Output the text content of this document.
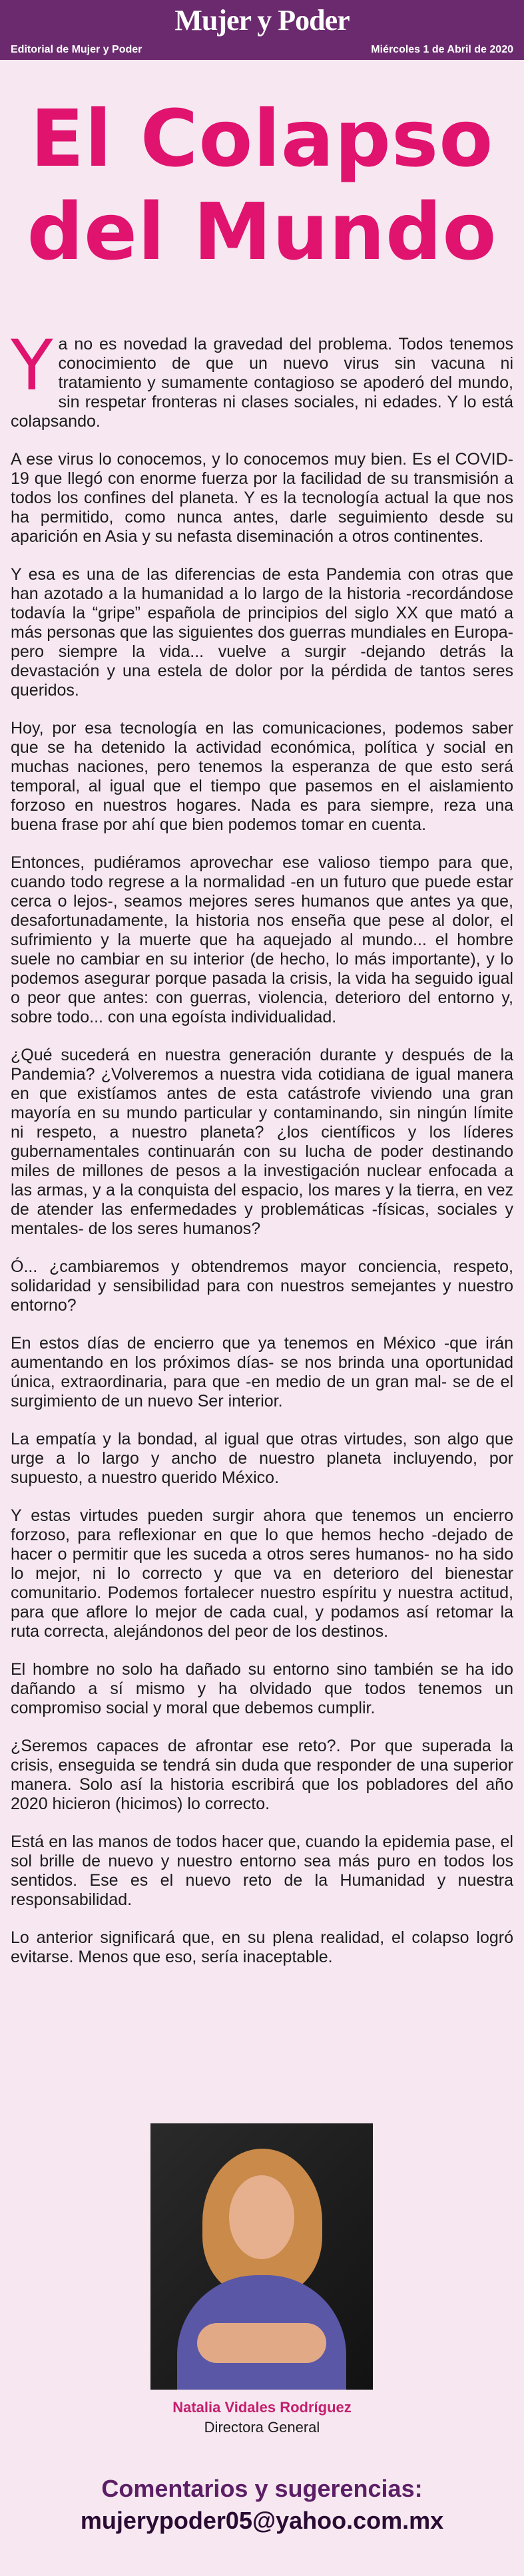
Mujer y Poder
Editorial de Mujer y Poder	Miércoles 1 de Abril de 2020
El Colapso del Mundo

Ya no es novedad la gravedad del problema. Todos tenemos conocimiento de que un nuevo virus sin vacuna ni tratamiento y sumamente contagioso se apoderó del mundo, sin respetar fronteras ni clases sociales, ni edades. Y lo está colapsando.

A ese virus lo conocemos, y lo conocemos muy bien. Es el COVID-19 que llegó con enorme fuerza por la facilidad de su transmisión a todos los confines del planeta. Y es la tecnología actual la que nos ha permitido, como nunca antes, darle seguimiento desde su aparición en Asia y su nefasta diseminación a otros continentes.

Y esa es una de las diferencias de esta Pandemia con otras que han azotado a la humanidad a lo largo de la historia -recordándose todavía la “gripe” española de principios del siglo XX que mató a más personas que las siguientes dos guerras mundiales en Europa- pero siempre la vida... vuelve a surgir -dejando detrás la devastación y una estela de dolor por la pérdida de tantos seres queridos.

Hoy, por esa tecnología en las comunicaciones, podemos saber que se ha detenido la actividad económica, política y social en muchas naciones, pero tenemos la esperanza de que esto será temporal, al igual que el tiempo que pasemos en el aislamiento forzoso en nuestros hogares. Nada es para siempre, reza una buena frase por ahí que bien podemos tomar en cuenta.

Entonces, pudiéramos aprovechar ese valioso tiempo para que, cuando todo regrese a la normalidad -en un futuro que puede estar cerca o lejos-, seamos mejores seres humanos que antes ya que, desafortunadamente, la historia nos enseña que pese al dolor, el sufrimiento y la muerte que ha aquejado al mundo... el hombre suele no cambiar en su interior (de hecho, lo más importante), y lo podemos asegurar porque pasada la crisis, la vida ha seguido igual o peor que antes: con guerras, violencia, deterioro del entorno y, sobre todo... con una egoísta individualidad.

¿Qué sucederá en nuestra generación durante y después de la Pandemia? ¿Volveremos a nuestra vida cotidiana de igual manera en que existíamos antes de esta catástrofe viviendo una gran mayoría en su mundo particular y contaminando, sin ningún límite ni respeto, a nuestro planeta? ¿los científicos y los líderes gubernamentales continuarán con su lucha de poder destinando miles de millones de pesos a la investigación nuclear enfocada a las armas, y a la conquista del espacio, los mares y la tierra, en vez de atender las enfermedades y problemáticas -físicas, sociales y mentales- de los seres humanos?

Ó... ¿cambiaremos y obtendremos mayor conciencia, respeto, solidaridad y sensibilidad para con nuestros semejantes y nuestro entorno?

En estos días de encierro que ya tenemos en México -que irán aumentando en los próximos días- se nos brinda una oportunidad única, extraordinaria, para que -en medio de un gran mal- se de el surgimiento de un nuevo Ser interior.

La empatía y la bondad, al igual que otras virtudes, son algo que urge a lo largo y ancho de nuestro planeta incluyendo, por supuesto, a nuestro querido México.

Y estas virtudes pueden surgir ahora que tenemos un encierro forzoso, para reflexionar en que lo que hemos hecho -dejado de hacer o permitir que les suceda a otros seres humanos- no ha sido lo mejor, ni lo correcto y que va en deterioro del bienestar comunitario. Podemos fortalecer nuestro espíritu y nuestra actitud, para que aflore lo mejor de cada cual, y podamos así retomar la ruta correcta, alejándonos del peor de los destinos.

El hombre no solo ha dañado su entorno sino también se ha ido dañando a sí mismo y ha olvidado que todos tenemos un compromiso social y moral que debemos cumplir.

¿Seremos capaces de afrontar ese reto?. Por que superada la crisis, enseguida se tendrá sin duda que responder de una superior manera. Solo así la historia escribirá que los pobladores del año 2020 hicieron (hicimos) lo correcto.

Está en las manos de todos hacer que, cuando la epidemia pase, el sol brille de nuevo y nuestro entorno sea más puro en todos los sentidos. Ese es el nuevo reto de la Humanidad y nuestra responsabilidad.

Lo anterior significará que, en su plena realidad, el colapso logró evitarse. Menos que eso, sería inaceptable.

Natalia Vidales Rodríguez
Directora General
Comentarios y sugerencias:
mujerypoder05@yahoo.com.mx
